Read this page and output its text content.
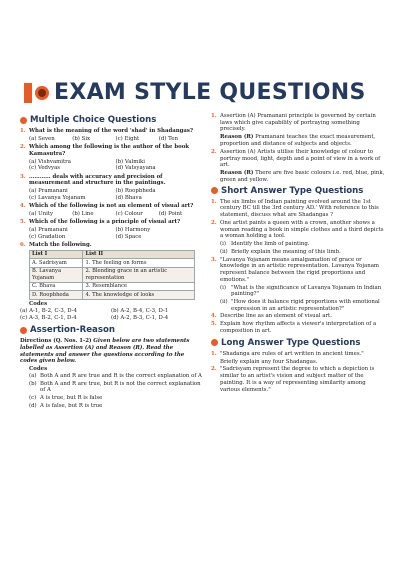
EXAM STYLE QUESTIONS
Multiple Choice Questions
1. What is the meaning of the word 'shad' in Shadangas?
(a) Seven	(b) Six	(c) Eight	(d) Ten
2. Which among the following is the author of the book Kamasutra?
(a) Vishvamitra	(b) Valmiki
(c) Vedvyas	(d) Vatsyayana
3. ………… deals with accuracy and precision of measurement and structure in the paintings.
(a) Pramanani	(b) Roopbheda
(c) Lavanya Yojanam	(d) Bhava
4. Which of the following is not an element of visual art?
(a) Unity	(b) Line	(c) Colour	(d) Point
5. Which of the following is a principle of visual art?
(a) Pramanani	(b) Harmony
(c) Gradation	(d) Space
6. Match the following.
List I	List II
A. Sadrisyam	1. The feeling on forms
B. Lavanya Yojanam	2. Blending grace in an artistic representation
C. Bhava	3. Resemblance
D. Roopbheda	4. The knowledge of looks
Codes
(a) A-1, B-2, C-3, D-4	(b) A-2, B-4, C-3, D-1
(c) A-3, B-2, C-1, D-4	(d) A-2, B-3, C-1, D-4
Assertion-Reason
Directions (Q. Nos. 1-2) Given below are two statements labelled as Assertion (A) and Reason (R). Read the statements and answer the questions according to the codes given below.
Codes
(a) Both A and R are true and R is the correct explanation of A
(b) Both A and R are true, but R is not the correct explanation of A
(c) A is true, but R is false
(d) A is false, but R is true
1. Assertion (A) Pramanani principle is governed by certain laws which give capability of portraying something precisely.
Reason (R) Pramanani teaches the exact measurement, proportion and distance of subjects and objects.
2. Assertion (A) Artists utilise their knowledge of colour to portray mood, light, depth and a point of view in a work of art.
Reason (R) There are five basic colours i.e. red, blue, pink, green and yellow.
Short Answer Type Questions
1. The six limbs of Indian painting evolved around the 1st century BC till the 3rd century AD.' With reference to this statement, discuss what are Shadangas ?
2. One artist paints a queen with a crown, another shows a woman reading a book in simple clothes and a third depicts a woman holding a tool.
(i) Identify the limb of painting.
(ii) Briefly explain the meaning of this limb.
3. "Lavanya Yojanam means amalgamation of grace or knowledge in an artistic representation. Lavanya Yojanam represent balance between the rigid proportions and emotions."
(i) "What is the significance of Lavanya Yojanam in Indian painting?"
(ii) "How does it balance rigid proportions with emotional expression in an artistic representation?"
4. Describe line as an element of visual art.
5. Explain how rhythm affects a viewer's interpretation of a composition in art.
Long Answer Type Questions
1. "Shadanga are rules of art written in ancient times."
Briefly explain any four Shadangas.
2. "Sadrisyam represent the degree to which a depiction is similar to an artist's vision and subject matter of the painting. It is a way of representing similarity among various elements."
